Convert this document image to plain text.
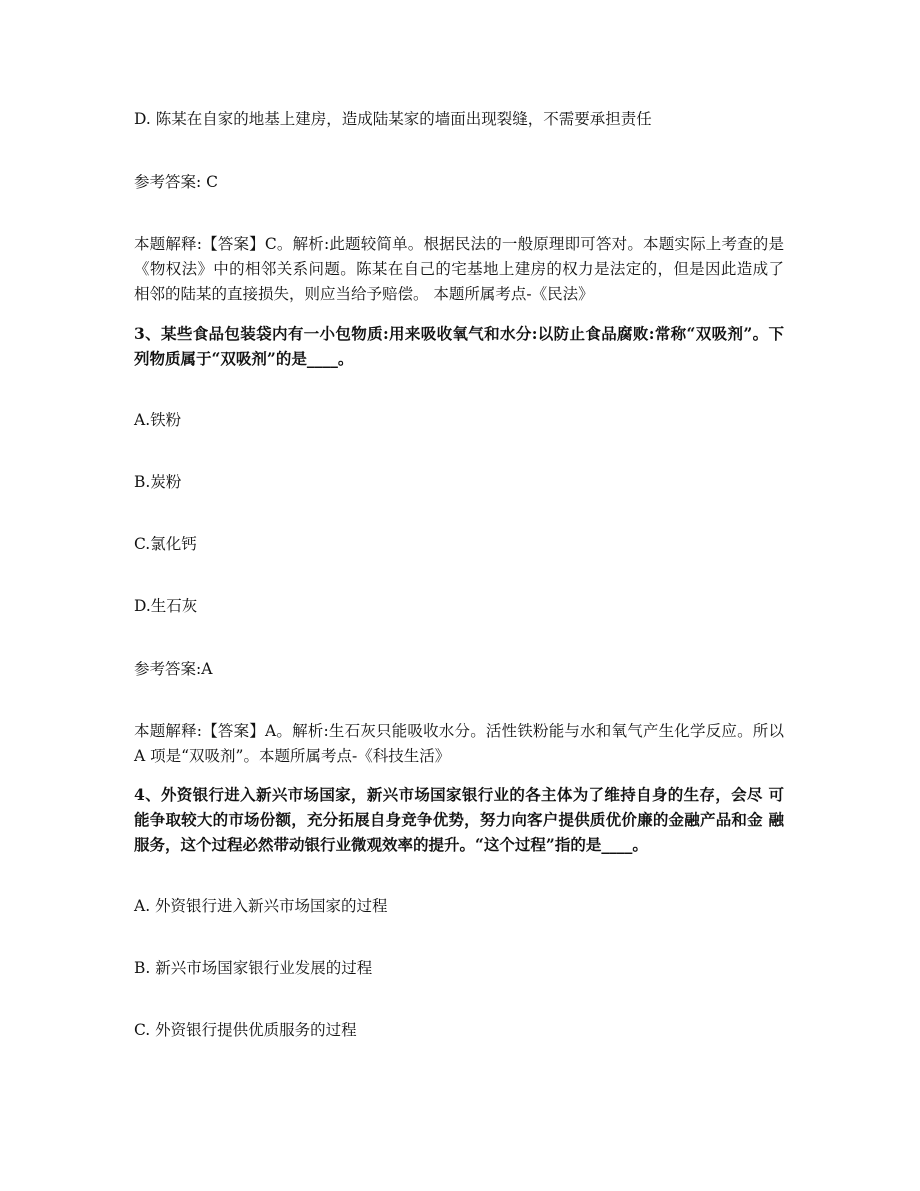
D. 陈某在自家的地基上建房，造成陆某家的墙面出现裂缝，不需要承担责任

参考答案: C

本题解释:【答案】C。解析:此题较简单。根据民法的一般原理即可答对。本题实际上考查的是《物权法》中的相邻关系问题。陈某在自己的宅基地上建房的权力是法定的，但是因此造成了相邻的陆某的直接损失，则应当给予赔偿。 本题所属考点-《民法》

3、某些食品包装袋内有一小包物质:用来吸收氧气和水分:以防止食品腐败:常称“双吸剂”。下列物质属于“双吸剂”的是____。

A.铁粉

B.炭粉

C.氯化钙

D.生石灰

参考答案:A

本题解释:【答案】A。解析:生石灰只能吸收水分。活性铁粉能与水和氧气产生化学反应。所以 A 项是“双吸剂”。本题所属考点-《科技生活》

4、外资银行进入新兴市场国家，新兴市场国家银行业的各主体为了维持自身的生存，会尽 可能争取较大的市场份额，充分拓展自身竞争优势，努力向客户提供质优价廉的金融产品和金 融服务，这个过程必然带动银行业微观效率的提升。“这个过程”指的是____。

A. 外资银行进入新兴市场国家的过程

B. 新兴市场国家银行业发展的过程

C. 外资银行提供优质服务的过程
